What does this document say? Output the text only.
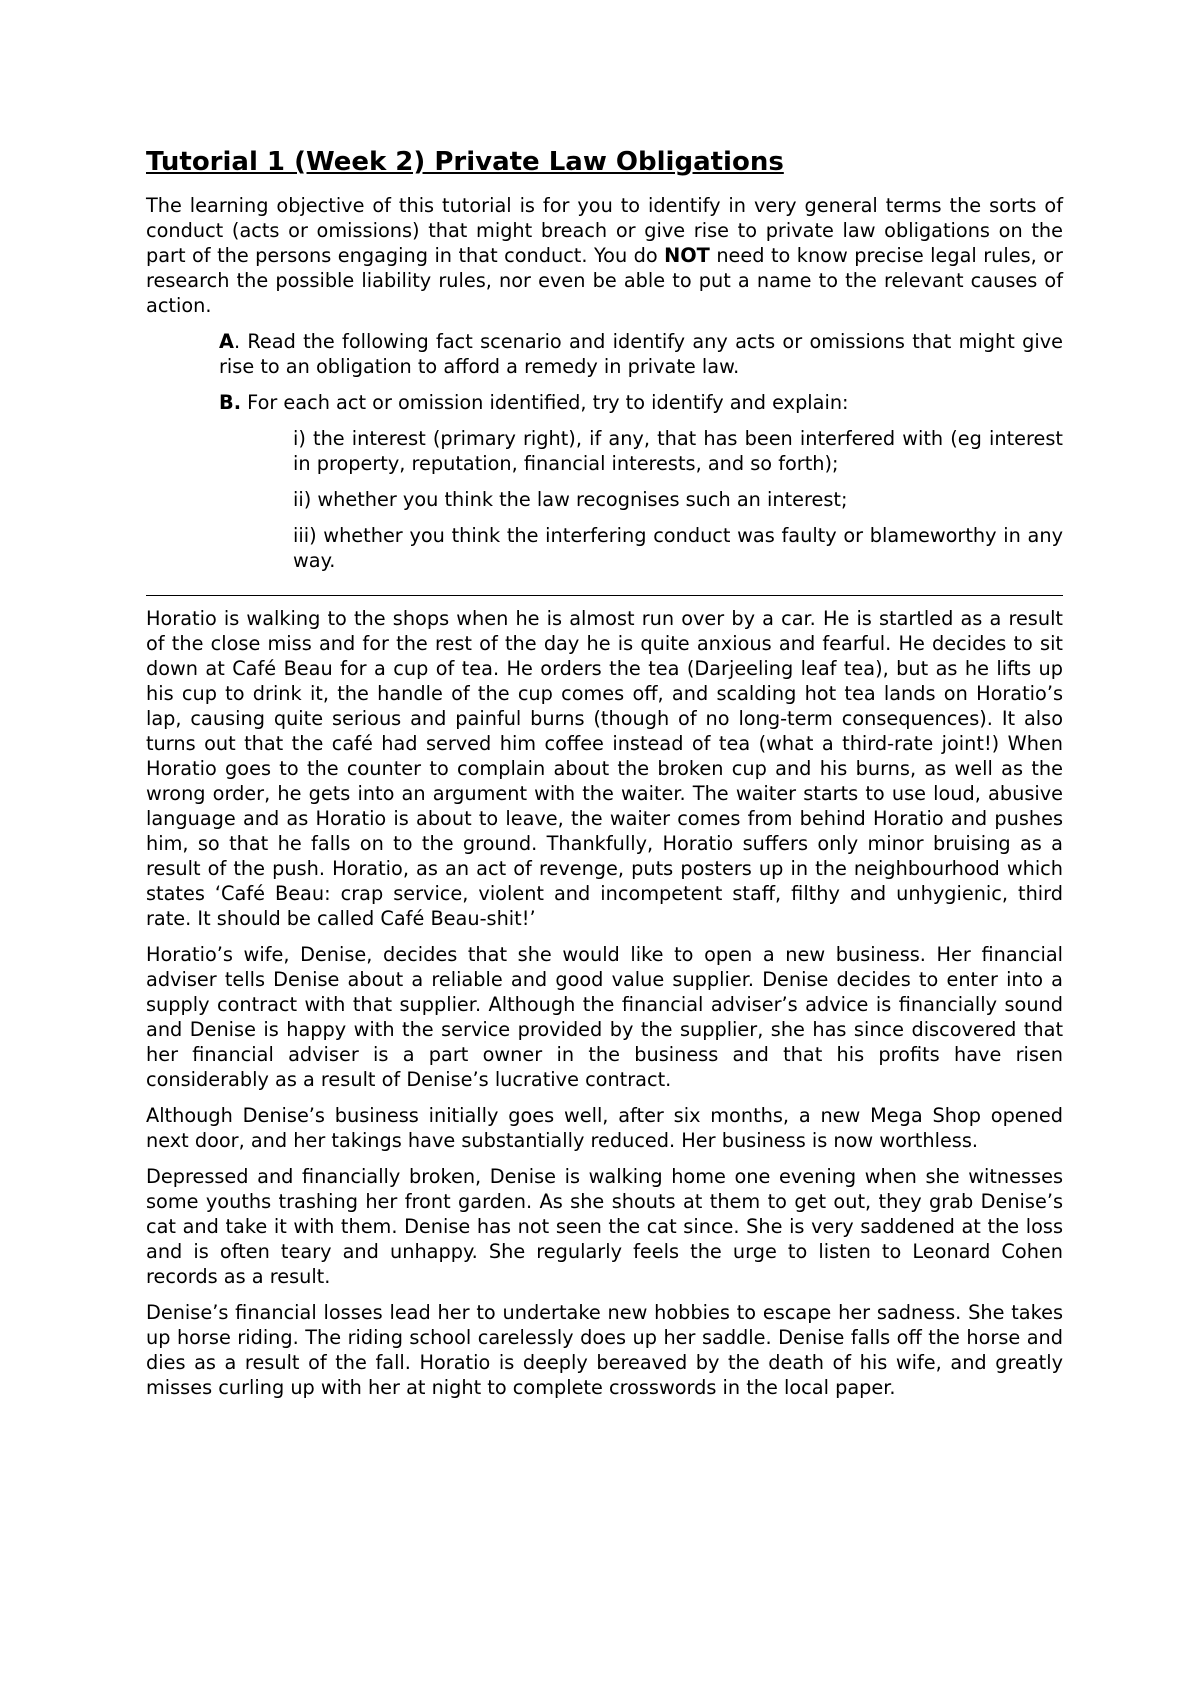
Tutorial 1 (Week 2) Private Law Obligations

The learning objective of this tutorial is for you to identify in very general terms the sorts of conduct (acts or omissions) that might breach or give rise to private law obligations on the part of the persons engaging in that conduct. You do NOT need to know precise legal rules, or research the possible liability rules, nor even be able to put a name to the relevant causes of action.

A. Read the following fact scenario and identify any acts or omissions that might give rise to an obligation to afford a remedy in private law.

B. For each act or omission identified, try to identify and explain:

i) the interest (primary right), if any, that has been interfered with (eg interest in property, reputation, financial interests, and so forth);

ii) whether you think the law recognises such an interest;

iii) whether you think the interfering conduct was faulty or blameworthy in any way.

Horatio is walking to the shops when he is almost run over by a car. He is startled as a result of the close miss and for the rest of the day he is quite anxious and fearful. He decides to sit down at Café Beau for a cup of tea. He orders the tea (Darjeeling leaf tea), but as he lifts up his cup to drink it, the handle of the cup comes off, and scalding hot tea lands on Horatio’s lap, causing quite serious and painful burns (though of no long-term consequences). It also turns out that the café had served him coffee instead of tea (what a third-rate joint!) When Horatio goes to the counter to complain about the broken cup and his burns, as well as the wrong order, he gets into an argument with the waiter. The waiter starts to use loud, abusive language and as Horatio is about to leave, the waiter comes from behind Horatio and pushes him, so that he falls on to the ground. Thankfully, Horatio suffers only minor bruising as a result of the push. Horatio, as an act of revenge, puts posters up in the neighbourhood which states ‘Café Beau: crap service, violent and incompetent staff, filthy and unhygienic, third rate. It should be called Café Beau-shit!’

Horatio’s wife, Denise, decides that she would like to open a new business. Her financial adviser tells Denise about a reliable and good value supplier. Denise decides to enter into a supply contract with that supplier. Although the financial adviser’s advice is financially sound and Denise is happy with the service provided by the supplier, she has since discovered that her financial adviser is a part owner in the business and that his profits have risen considerably as a result of Denise’s lucrative contract.

Although Denise’s business initially goes well, after six months, a new Mega Shop opened next door, and her takings have substantially reduced. Her business is now worthless.

Depressed and financially broken, Denise is walking home one evening when she witnesses some youths trashing her front garden. As she shouts at them to get out, they grab Denise’s cat and take it with them. Denise has not seen the cat since. She is very saddened at the loss and is often teary and unhappy. She regularly feels the urge to listen to Leonard Cohen records as a result.

Denise’s financial losses lead her to undertake new hobbies to escape her sadness. She takes up horse riding. The riding school carelessly does up her saddle. Denise falls off the horse and dies as a result of the fall. Horatio is deeply bereaved by the death of his wife, and greatly misses curling up with her at night to complete crosswords in the local paper.
